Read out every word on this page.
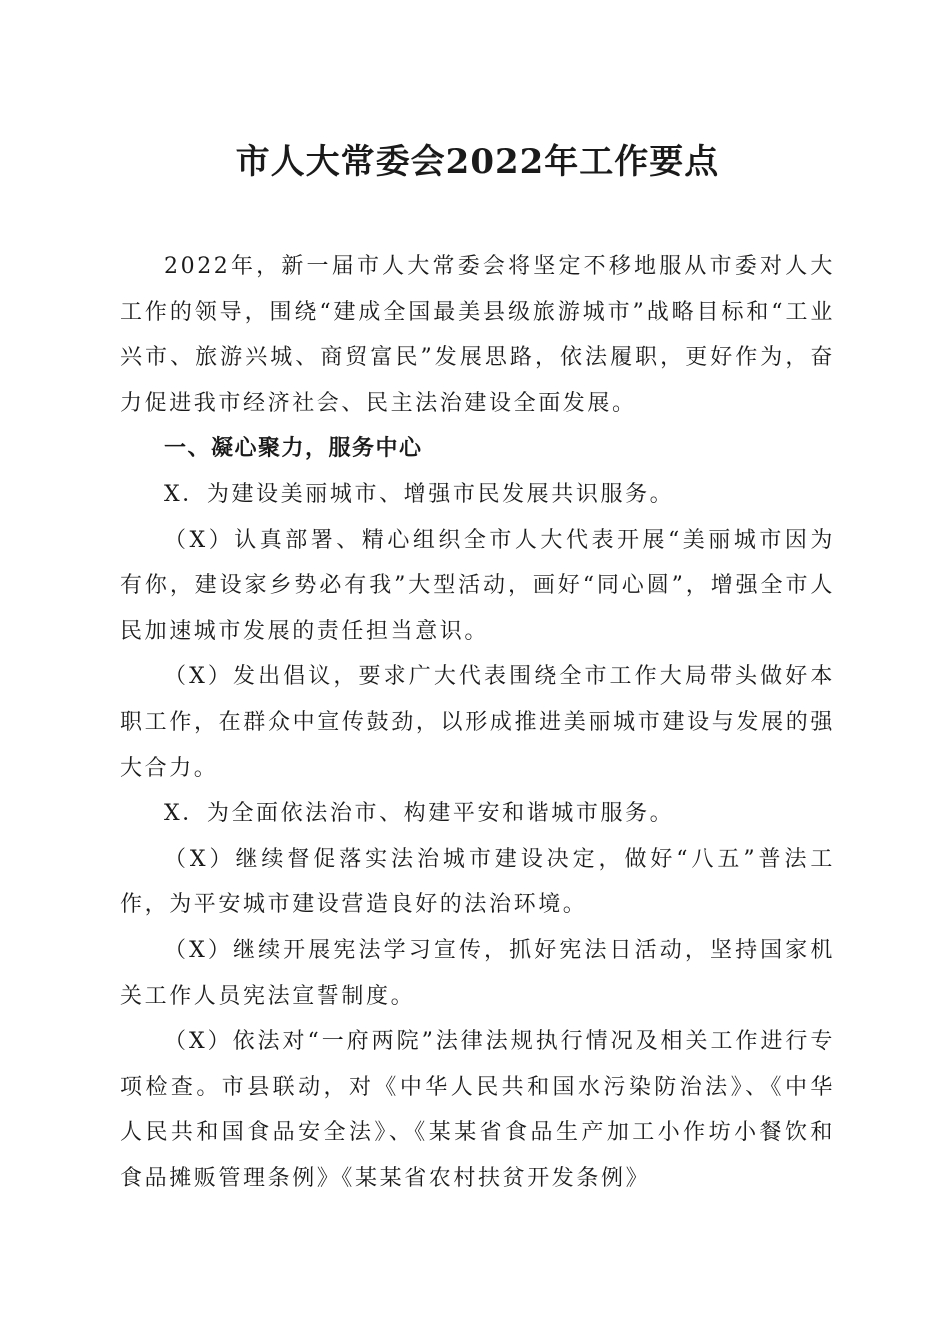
市人大常委会2022年工作要点

2022年，新一届市人大常委会将坚定不移地服从市委对人大工作的领导，围绕“建成全国最美县级旅游城市”战略目标和“工业兴市、旅游兴城、商贸富民”发展思路，依法履职，更好作为，奋力促进我市经济社会、民主法治建设全面发展。

一、凝心聚力，服务中心

X．为建设美丽城市、增强市民发展共识服务。

（X）认真部署、精心组织全市人大代表开展“美丽城市因为有你，建设家乡势必有我”大型活动，画好“同心圆”，增强全市人民加速城市发展的责任担当意识。

（X）发出倡议，要求广大代表围绕全市工作大局带头做好本职工作，在群众中宣传鼓劲，以形成推进美丽城市建设与发展的强大合力。

X．为全面依法治市、构建平安和谐城市服务。

（X）继续督促落实法治城市建设决定，做好“八五”普法工作，为平安城市建设营造良好的法治环境。

（X）继续开展宪法学习宣传，抓好宪法日活动，坚持国家机关工作人员宪法宣誓制度。

（X）依法对“一府两院”法律法规执行情况及相关工作进行专项检查。市县联动，对《中华人民共和国水污染防治法》、《中华人民共和国食品安全法》、《某某省食品生产加工小作坊小餐饮和食品摊贩管理条例》《某某省农村扶贫开发条例》
